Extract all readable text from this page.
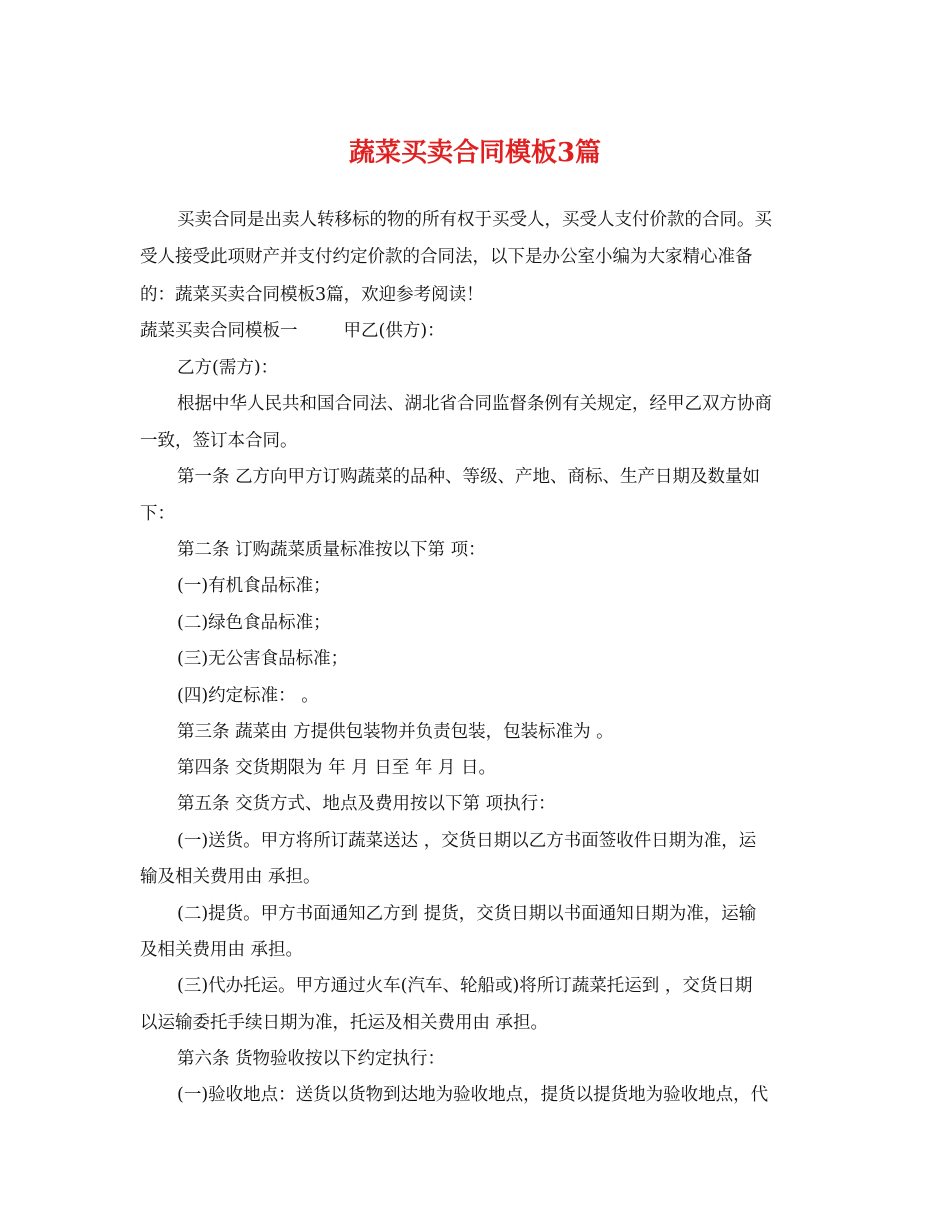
蔬菜买卖合同模板3篇
买卖合同是出卖人转移标的物的所有权于买受人，买受人支付价款的合同。买
受人接受此项财产并支付约定价款的合同法，以下是办公室小编为大家精心准备
的：蔬菜买卖合同模板3篇，欢迎参考阅读！
蔬菜买卖合同模板一	甲乙(供方)：
乙方(需方)：
根据中华人民共和国合同法、湖北省合同监督条例有关规定，经甲乙双方协商
一致，签订本合同。
第一条 乙方向甲方订购蔬菜的品种、等级、产地、商标、生产日期及数量如
下：
第二条 订购蔬菜质量标准按以下第 项：
(一)有机食品标准；
(二)绿色食品标准；
(三)无公害食品标准；
(四)约定标准： 。
第三条 蔬菜由 方提供包装物并负责包装，包装标准为 。
第四条 交货期限为 年 月 日至 年 月 日。
第五条 交货方式、地点及费用按以下第 项执行：
(一)送货。甲方将所订蔬菜送达 ，交货日期以乙方书面签收件日期为准，运
输及相关费用由 承担。
(二)提货。甲方书面通知乙方到 提货，交货日期以书面通知日期为准，运输
及相关费用由 承担。
(三)代办托运。甲方通过火车(汽车、轮船或)将所订蔬菜托运到 ，交货日期
以运输委托手续日期为准，托运及相关费用由 承担。
第六条 货物验收按以下约定执行：
(一)验收地点：送货以货物到达地为验收地点，提货以提货地为验收地点，代
